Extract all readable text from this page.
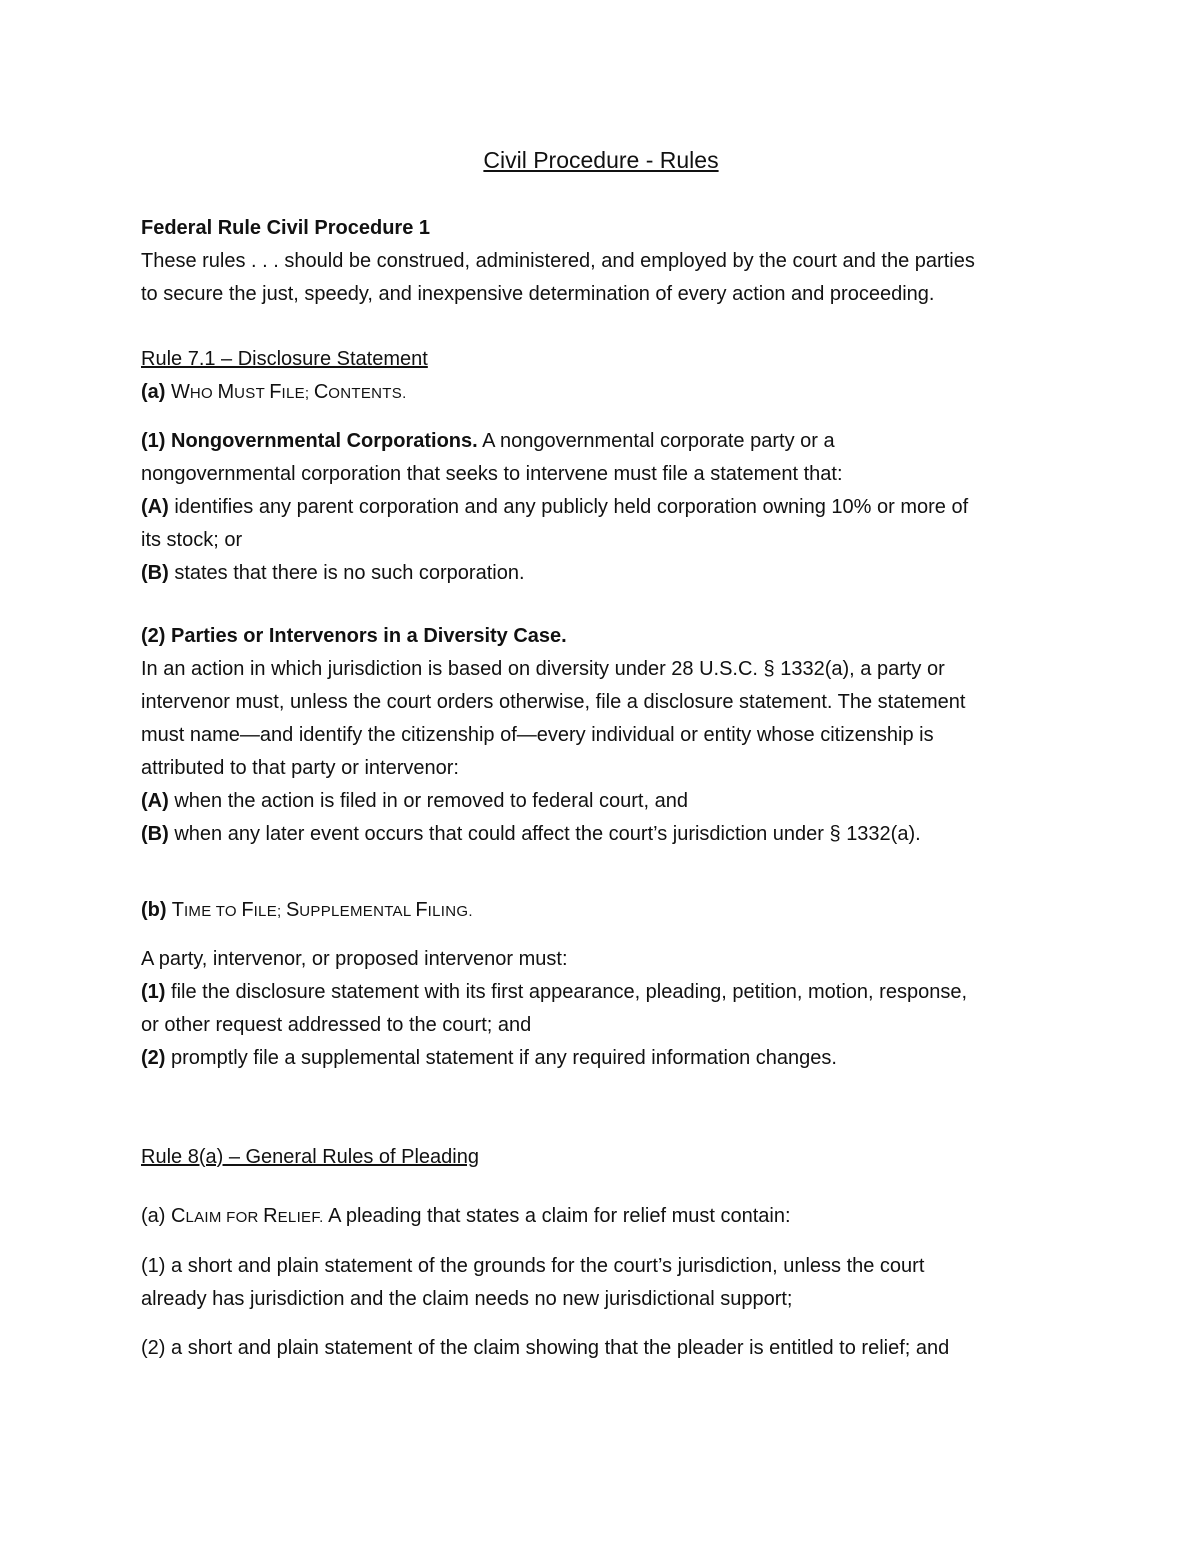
Civil Procedure - Rules

Federal Rule Civil Procedure 1

These rules . . . should be construed, administered, and employed by the court and the parties

to secure the just, speedy, and inexpensive determination of every action and proceeding.

Rule 7.1 – Disclosure Statement

(a) WHO MUST FILE; CONTENTS.

(1) Nongovernmental Corporations. A nongovernmental corporate party or a

nongovernmental corporation that seeks to intervene must file a statement that:

(A) identifies any parent corporation and any publicly held corporation owning 10% or more of

its stock; or

(B) states that there is no such corporation.

(2) Parties or Intervenors in a Diversity Case.

In an action in which jurisdiction is based on diversity under 28 U.S.C. § 1332(a), a party or

intervenor must, unless the court orders otherwise, file a disclosure statement. The statement

must name—and identify the citizenship of—every individual or entity whose citizenship is

attributed to that party or intervenor:

(A) when the action is filed in or removed to federal court, and

(B) when any later event occurs that could affect the court’s jurisdiction under § 1332(a).

(b) TIME TO FILE; SUPPLEMENTAL FILING.

A party, intervenor, or proposed intervenor must:

(1) file the disclosure statement with its first appearance, pleading, petition, motion, response,

or other request addressed to the court; and

(2) promptly file a supplemental statement if any required information changes.

Rule 8(a) – General Rules of Pleading

(a) CLAIM FOR RELIEF. A pleading that states a claim for relief must contain:

(1) a short and plain statement of the grounds for the court’s jurisdiction, unless the court

already has jurisdiction and the claim needs no new jurisdictional support;

(2) a short and plain statement of the claim showing that the pleader is entitled to relief; and
